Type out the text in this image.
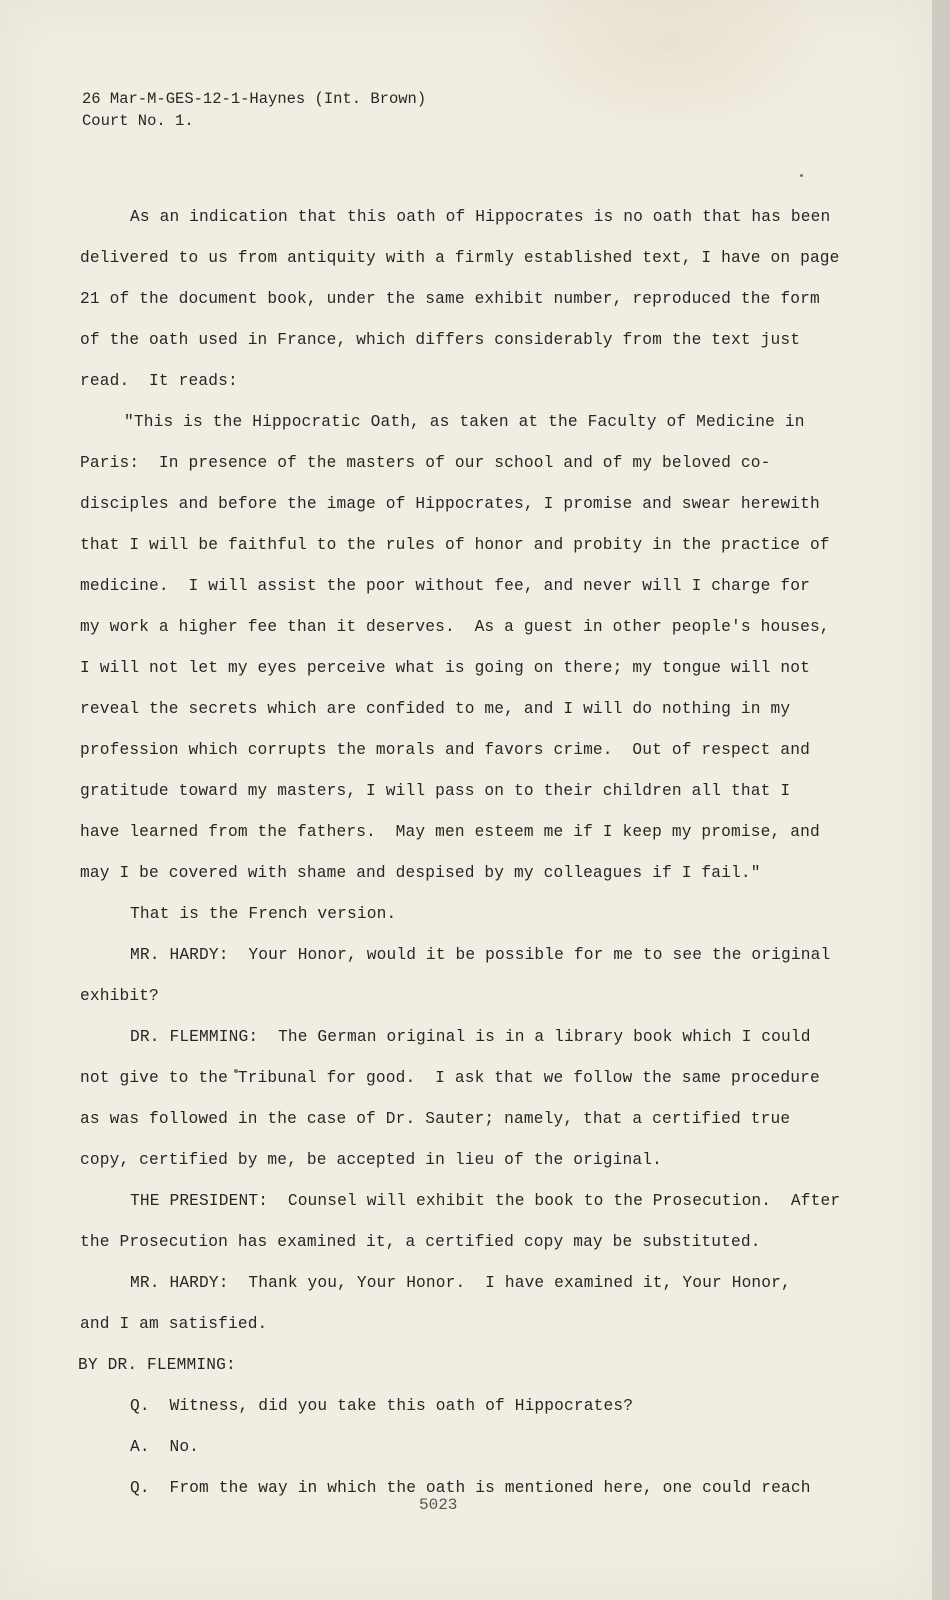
26 Mar-M-GES-12-1-Haynes (Int. Brown)
Court No. 1.
As an indication that this oath of Hippocrates is no oath that has been
delivered to us from antiquity with a firmly established text, I have on page
21 of the document book, under the same exhibit number, reproduced the form
of the oath used in France, which differs considerably from the text just
read.  It reads:
"This is the Hippocratic Oath, as taken at the Faculty of Medicine in
Paris:  In presence of the masters of our school and of my beloved co-
disciples and before the image of Hippocrates, I promise and swear herewith
that I will be faithful to the rules of honor and probity in the practice of
medicine.  I will assist the poor without fee, and never will I charge for
my work a higher fee than it deserves.  As a guest in other people's houses,
I will not let my eyes perceive what is going on there; my tongue will not
reveal the secrets which are confided to me, and I will do nothing in my
profession which corrupts the morals and favors crime.  Out of respect and
gratitude toward my masters, I will pass on to their children all that I
have learned from the fathers.  May men esteem me if I keep my promise, and
may I be covered with shame and despised by my colleagues if I fail."
That is the French version.
MR. HARDY:  Your Honor, would it be possible for me to see the original
exhibit?
DR. FLEMMING:  The German original is in a library book which I could
not give to the Tribunal for good.  I ask that we follow the same procedure
as was followed in the case of Dr. Sauter; namely, that a certified true
copy, certified by me, be accepted in lieu of the original.
THE PRESIDENT:  Counsel will exhibit the book to the Prosecution.  After
the Prosecution has examined it, a certified copy may be substituted.
MR. HARDY:  Thank you, Your Honor.  I have examined it, Your Honor,
and I am satisfied.
BY DR. FLEMMING:
Q.  Witness, did you take this oath of Hippocrates?
A.  No.
Q.  From the way in which the oath is mentioned here, one could reach
5023
